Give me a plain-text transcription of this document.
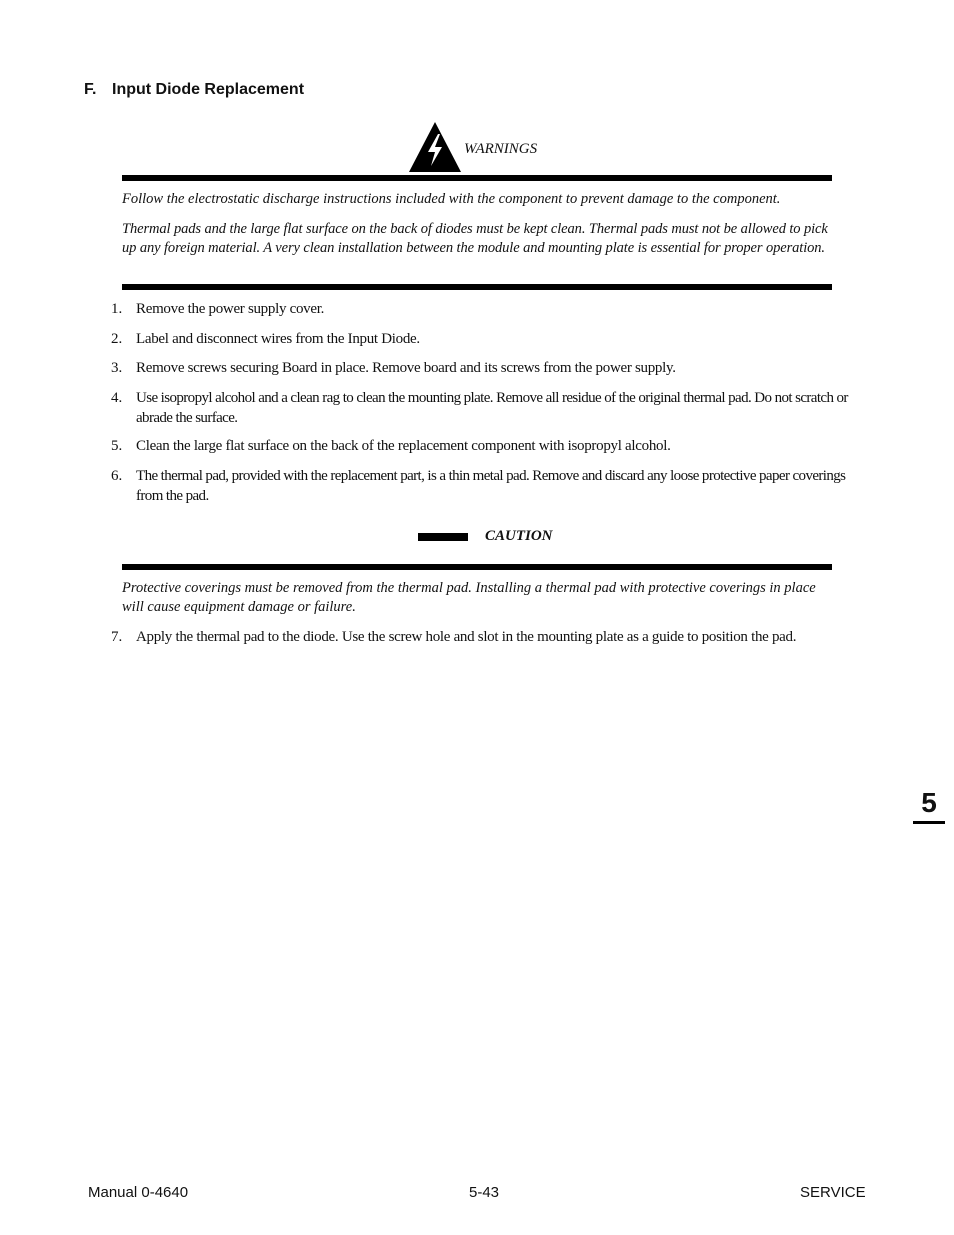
F. Input Diode Replacement
WARNINGS
Follow the electrostatic discharge instructions included with the component to prevent damage to the component.
Thermal pads and the large flat surface on the back of diodes must be kept clean. Thermal pads must not be allowed to pick up any foreign material. A very clean installation between the module and mounting plate is essential for proper operation.
1. Remove the power supply cover.
2. Label and disconnect wires from the Input Diode.
3. Remove screws securing Board in place. Remove board and its screws from the power supply.
4. Use isopropyl alcohol and a clean rag to clean the mounting plate. Remove all residue of the original thermal pad. Do not scratch or abrade the surface.
5. Clean the large flat surface on the back of the replacement component with isopropyl alcohol.
6. The thermal pad, provided with the replacement part, is a thin metal pad. Remove and discard any loose protective paper coverings from the pad.
CAUTION
Protective coverings must be removed from the thermal pad. Installing a thermal pad with protective coverings in place will cause equipment damage or failure.
7. Apply the thermal pad to the diode. Use the screw hole and slot in the mounting plate as a guide to position the pad.
5
Manual 0-4640	5-43	SERVICE
